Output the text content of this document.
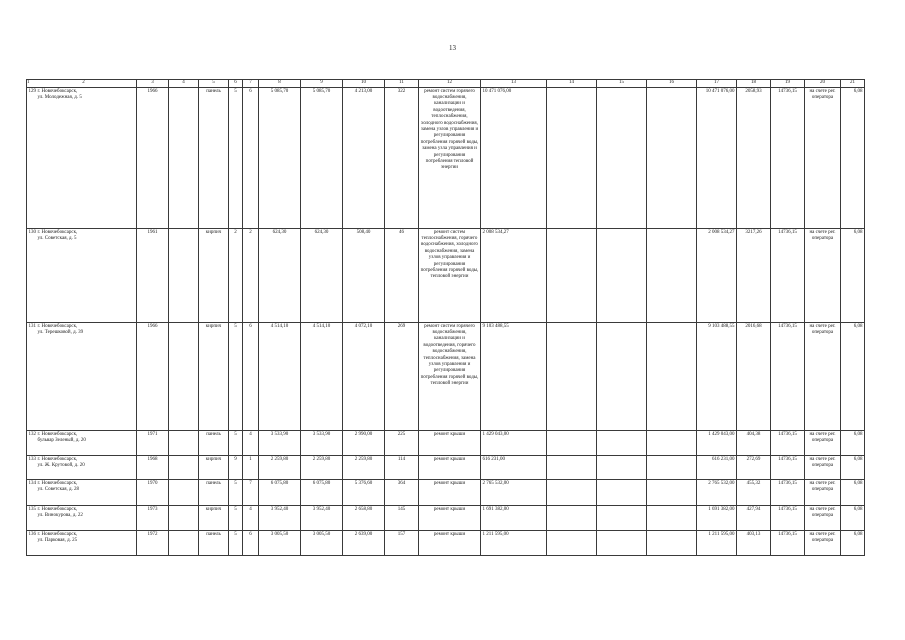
13
1 2	3	4	5	6	7	8	9	10	11	12	13	14	15	16	17	18	19	20	21
129 г. Новочебоксарск,
ул. Молодежная, д. 5	1966		панель	5	6	5 085,70	5 085,70	4 213,00	322	ремонт систем горячего водоснабжения, канализации и водоотведения, теплоснабжения, холодного водоснабжения, замена узлов управления и регулирования потребления горячей воды, замена узла управления и регулирования потребления тепловой энергии	10 471 076,00				10 471 076,00	2058,93	14736,15	на счете рег. оператора	6,08
130 г. Новочебоксарск,
ул. Советская, д. 5	1961		кирпич	2	2	624,30	624,30	508,40	46	ремонт систем теплоснабжения, горячего водоснабжения, холодного водоснабжения, замена узлов управления и регулирования потребления горячей воды, тепловой энергии	2 008 534,27				2 008 534,27	3217,26	14736,15	на счете рег. оператора	6,08
131 г. Новочебоксарск,
ул. Терешковой, д. 39	1966		кирпич	5	6	4 514,10	4 514,10	4 072,10	269	ремонт систем горячего водоснабжения, канализации и водоотведения, горячего водоснабжения, теплоснабжения, замена узлов управления и регулирования потребления горячей воды, тепловой энергии	9 103 488,55				9 103 488,55	2016,68	14736,15	на счете рег. оператора	6,08
132 г. Новочебоксарск,
бульвар Зеленый, д. 20	1971		панель	5	4	3 533,90	3 533,90	2 990,00	225	ремонт крыши	1 429 043,00				1 429 043,00	404,38	14736,15	на счете рег. оператора	6,08
133 г. Новочебоксарск,
ул. Ж. Крутовой, д. 20	1968		кирпич	9	1	2 259,80	2 259,80	2 259,80	114	ремонт крыши	616 231,00				616 231,00	272,69	14736,15	на счете рег. оператора	6,08
134 г. Новочебоксарск,
ул. Советская, д. 28	1970		панель	5	7	6 075,80	6 075,80	5 376,60	364	ремонт крыши	2 765 532,00				2 765 532,00	455,32	14736,15	на счете рег. оператора	6,08
135 г. Новочебоксарск,
ул. Винокурова, д. 22	1973		кирпич	5	4	3 952,40	3 952,40	2 658,80	145	ремонт крыши	1 691 382,00				1 691 382,00	427,94	14736,15	на счете рег. оператора	6,08
136 г. Новочебоксарск,
ул. Парковая, д. 25	1972		панель	5	6	3 005,50	3 005,50	2 639,00	157	ремонт крыши	1 211 595,00				1 211 595,00	403,13	14736,15	на счете рег. оператора	6,08
